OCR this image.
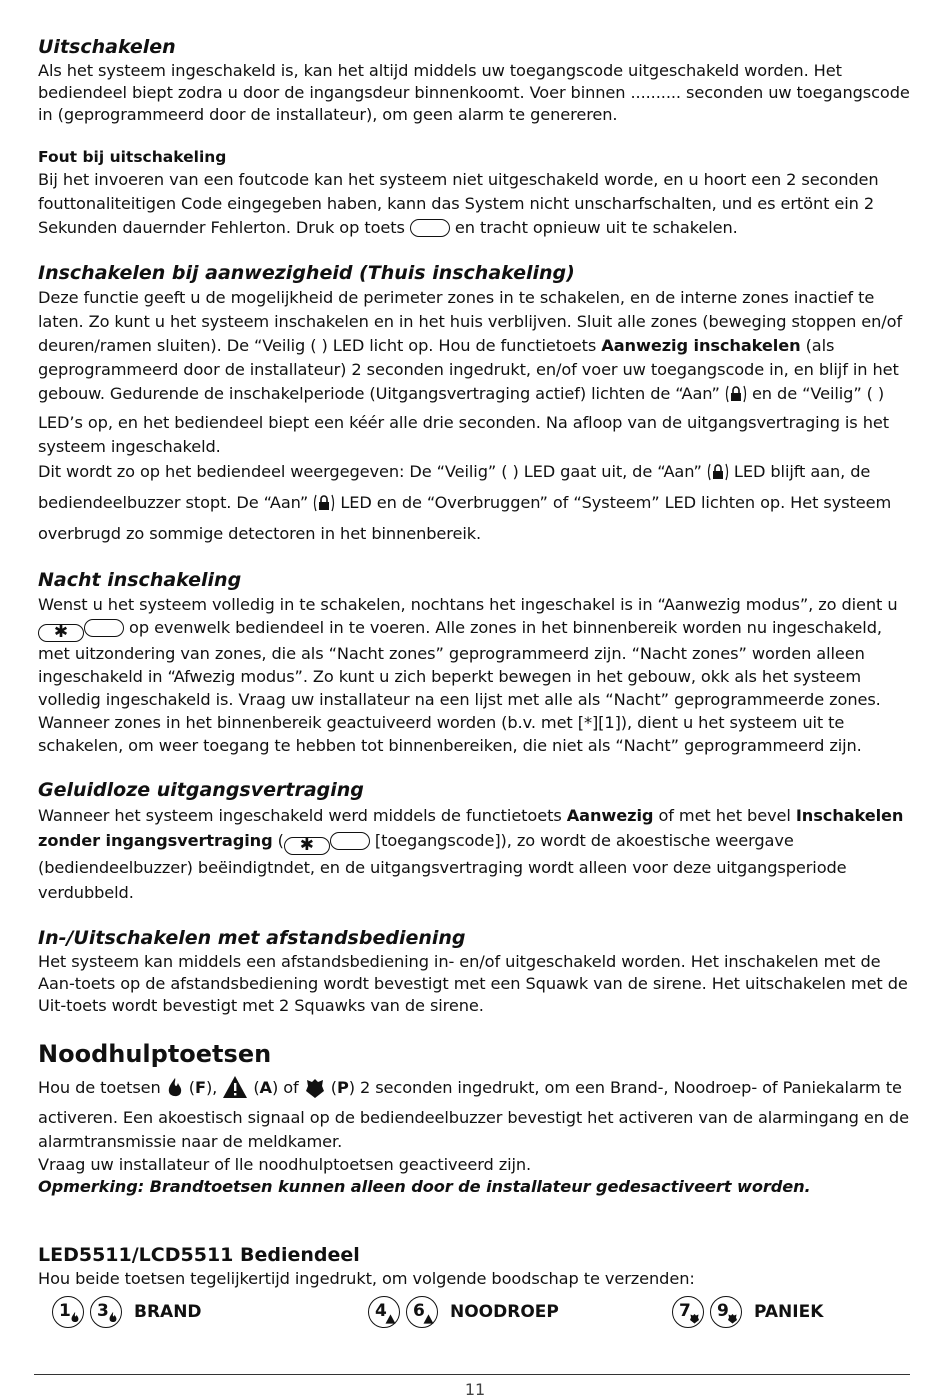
Uitschakelen

Als het systeem ingeschakeld is, kan het altijd middels uw toegangscode uitgeschakeld worden. Het bediendeel biept zodra u door de ingangsdeur binnenkoomt. Voer binnen .......... seconden uw toegangscode in (geprogrammeerd door de installateur), om geen alarm te genereren.

Fout bij uitschakeling

Bij het invoeren van een foutcode kan het systeem niet uitgeschakeld worde, en u hoort een 2 seconden fouttonaliteitigen Code eingegeben haben, kann das System nicht unscharfschalten, und es ertönt ein 2 Sekunden dauernder Fehlerton. Druk op toets	en tracht opnieuw uit te schakelen.

Inschakelen bij aanwezigheid (Thuis inschakeling)

Deze functie geeft u de mogelijkheid de perimeter zones in te schakelen, en de interne zones inactief te laten. Zo kunt u het systeem inschakelen en in het huis verblijven. Sluit alle zones (beweging stoppen en/of deuren/ramen sluiten). De “Veilig ( ) LED licht op. Hou de functietoets Aanwezig inschakelen (als geprogrammeerd door de installateur) 2 seconden ingedrukt, en/of voer uw toegangscode in, en blijf in het gebouw. Gedurende de inschakelperiode (Uitgangsvertraging actief) lichten de “Aan” en de “Veilig” ( ) LED’s op, en het bediendeel biept een kéér alle drie seconden. Na afloop van de uitgangsvertraging is het systeem ingeschakeld.

Dit wordt zo op het bediendeel weergegeven: De “Veilig” ( ) LED gaat uit, de “Aan” LED blijft aan, de bediendeelbuzzer stopt. De “Aan” LED en de “Overbruggen” of “Systeem” LED lichten op. Het systeem overbrugd zo sommige detectoren in het binnenbereik.

Nacht inschakeling

Wenst u het systeem volledig in te schakelen, nochtans het ingeschakel is in “Aanwezig modus”, zo dient u ✱	op evenwelk bediendeel in te voeren. Alle zones in het binnenbereik worden nu ingeschakeld, met uitzondering van zones, die als “Nacht zones” geprogrammeerd zijn. “Nacht zones” worden alleen ingeschakeld in “Afwezig modus”. Zo kunt u zich beperkt bewegen in het gebouw, okk als het systeem volledig ingeschakeld is. Vraag uw installateur na een lijst met alle als “Nacht” geprogrammeerde zones. Wanneer zones in het binnenbereik geactuiveerd worden (b.v. met [*][1]), dient u het systeem uit te schakelen, om weer toegang te hebben tot binnenbereiken, die niet als “Nacht” geprogrammeerd zijn.

Geluidloze uitgangsvertraging

Wanneer het systeem ingeschakeld werd middels de functietoets Aanwezig of met het bevel Inschakelen zonder ingangsvertraging ( ✱	[toegangscode]), zo wordt de akoestische weergave (bediendeelbuzzer) beëindigtndet, en de uitgangsvertraging wordt alleen voor deze uitgangsperiode verdubbeld.

In-/Uitschakelen met afstandsbediening

Het systeem kan middels een afstandsbediening in- en/of uitgeschakeld worden. Het inschakelen met de Aan-toets op de afstandsbediening wordt bevestigt met een Squawk van de sirene. Het uitschakelen met de Uit-toets wordt bevestigt met 2 Squawks van de sirene.

Noodhulptoetsen

Hou de toetsen (F), (A) of (P) 2 seconden ingedrukt, om een Brand-, Noodroep- of Paniekalarm te activeren. Een akoestisch signaal op de bediendeelbuzzer bevestigt het activeren van de alarmingang en de alarmtransmissie naar de meldkamer.

Vraag uw installateur of lle noodhulptoetsen geactiveerd zijn.

Opmerking: Brandtoetsen kunnen alleen door de installateur gedesactiveert worden.

LED5511/LCD5511 Bediendeel

Hou beide toetsen tegelijkertijd ingedrukt, om volgende boodschap te verzenden:

1	3	BRAND	4	6	NOODROEP	7	9	PANIEK
11
